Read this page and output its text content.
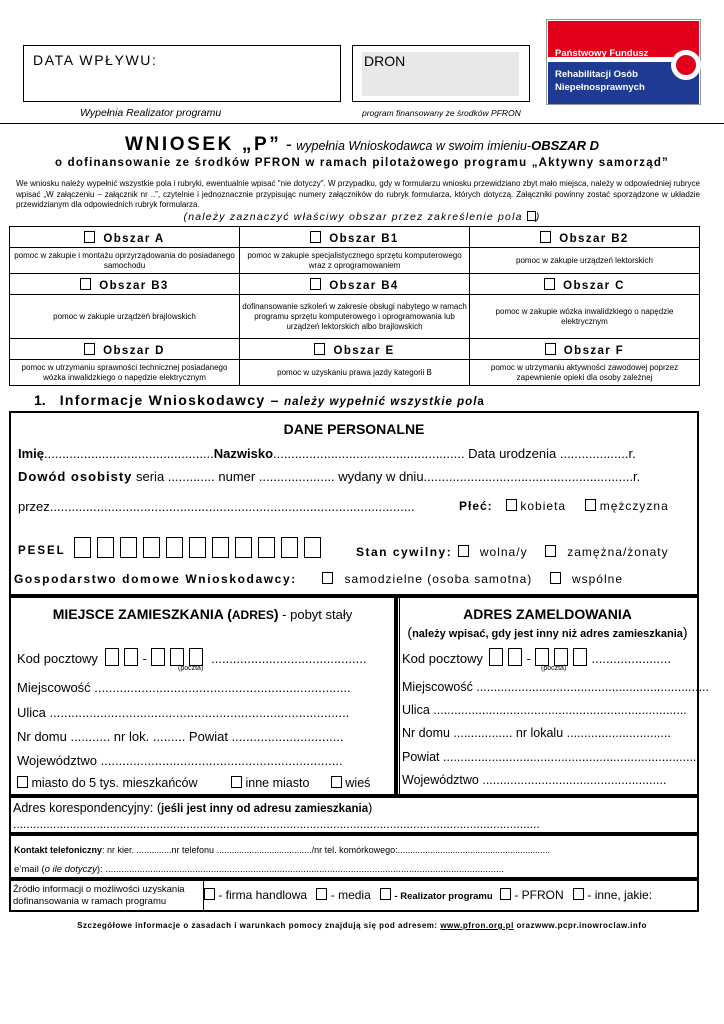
DATA WPŁYWU:	DRON
Wypełnia Realizator programu	program finansowany ze środków PFRON
Państwowy Fundusz
Rehabilitacji Osób
Niepełnosprawnych
WNIOSEK „P” - wypełnia Wnioskodawca w swoim imieniu-OBSZAR D
o dofinansowanie ze środków PFRON w ramach pilotażowego programu „Aktywny samorząd”
We wniosku należy wypełnić wszystkie pola i rubryki, ewentualnie wpisać "nie dotyczy". W przypadku, gdy w formularzu wniosku przewidziano zbyt mało miejsca, należy w odpowiedniej rubryce wpisać „W załączeniu – załącznik nr ..”, czytelnie i jednoznacznie przypisując numery załączników do rubryk formularza, których dotyczą. Załączniki powinny zostać sporządzone w układzie przewidzianym dla odpowiednich rubryk formularza.
(należy zaznaczyć właściwy obszar przez zakreślenie pola )
Obszar A	Obszar B1	Obszar B2
pomoc w zakupie i montażu oprzyrządowania do posiadanego samochodu	pomoc w zakupie specjalistycznego sprzętu komputerowego wraz z oprogramowaniem	pomoc w zakupie urządzeń lektorskich
Obszar B3	Obszar B4	Obszar C
pomoc w zakupie urządzeń brajlowskich	dofinansowanie szkoleń w zakresie obsługi nabytego w ramach programu sprzętu komputerowego i oprogramowania lub urządzeń lektorskich albo brajlowskich	pomoc w zakupie wózka inwalidzkiego o napędzie elektrycznym
Obszar D	Obszar E	Obszar F
pomoc w utrzymaniu sprawności technicznej posiadanego wózka inwalidzkiego o napędzie elektrycznym	pomoc w uzyskaniu prawa jazdy kategorii B	pomoc w utrzymaniu aktywności zawodowej poprzez zapewnienie opieki dla osoby zależnej
1. Informacje Wnioskodawcy – należy wypełnić wszystkie pola
DANE PERSONALNE
Imię...............................................Nazwisko..................................................... Data urodzenia ...................r.
Dowód osobisty seria ............. numer ..................... wydany w dniu..........................................................r.
przez.....................................................................................................	Płeć: kobieta	mężczyzna
PESEL	Stan cywilny: wolna/y	zamężna/żonaty
Gospodarstwo domowe Wnioskodawcy:	samodzielne (osoba samotna)	wspólne
MIEJSCE ZAMIESZKANIA (ADRES) - pobyt stały
Kod pocztowy	-	...........................................
(poczta)
Miejscowość .......................................................................
Ulica ...................................................................................
Nr domu ........... nr lok. ......... Powiat ...............................
Województwo ...................................................................
miasto do 5 tys. mieszkańców	inne miasto	wieś
ADRES ZAMELDOWANIA
(należy wpisać, gdy jest inny niż adres zamieszkania)
Kod pocztowy	-	......................
(poczta)
Miejscowość ...................................................................
Ulica .........................................................................
Nr domu ................. nr lokalu ..............................
Powiat ..........................................................................
Województwo .....................................................
Adres korespondencyjny: (jeśli jest inny od adresu zamieszkania)
..............................................................................................................................................................
Kontakt telefoniczny: nr kier. ..............nr telefonu ....................................../nr tel. komórkowego:.............................................................
e’mail (o ile dotyczy): .......................................................................................................................................................
Źródło informacji o możliwości uzyskania dofinansowania w ramach programu	- firma handlowa - media - Realizator programu - PFRON - inne, jakie:
Szczegółowe informacje o zasadach i warunkach pomocy znajdują się pod adresem: www.pfron.org.pl orazwww.pcpr.inowroclaw.info
